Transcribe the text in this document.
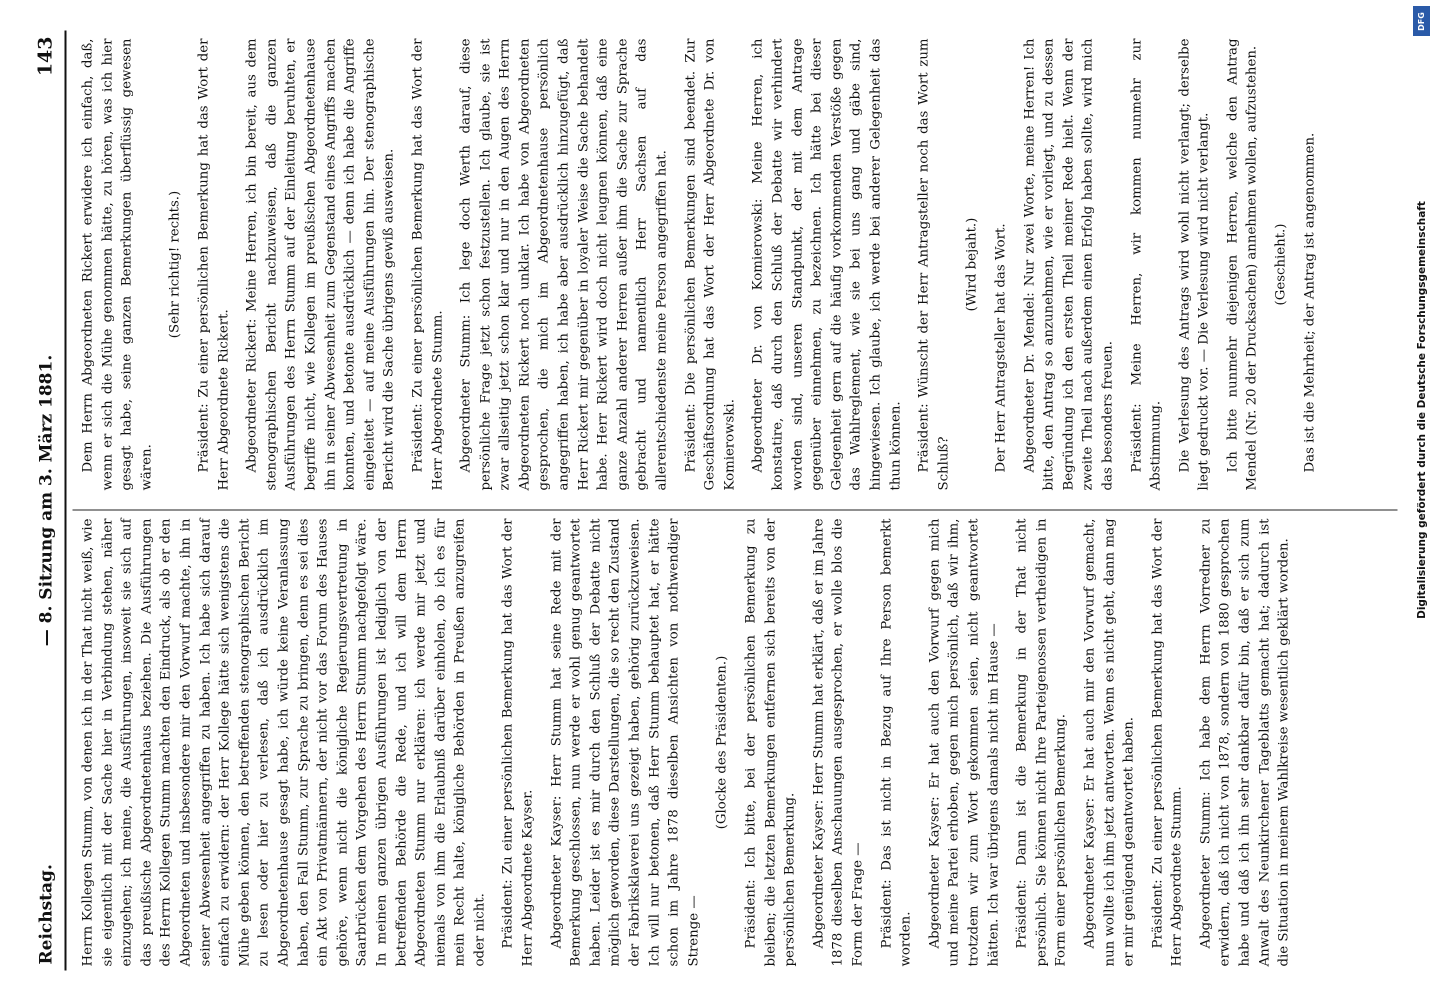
Reichstag.
— 8. Sitzung am 3. März 1881.
143

Herrn Kollegen Stumm, von denen ich in der That nicht weiß, wie sie eigentlich mit der Sache hier in Verbindung stehen, näher einzugehen; ich meine, die Ausführungen, insoweit sie sich auf das preußische Abgeordnetenhaus beziehen. Die Ausführungen des Herrn Kollegen Stumm machten den Eindruck, als ob er den Abgeordneten und insbesondere mir den Vorwurf machte, ihn in seiner Abwesenheit angegriffen zu haben. Ich habe sich darauf einfach zu erwidern: der Herr Kollege hätte sich wenigstens die Mühe geben können, den betreffenden stenographischen Bericht zu lesen oder hier zu verlesen, daß ich ausdrücklich im Abgeordnetenhause gesagt habe, ich würde keine Veranlassung haben, den Fall Stumm, zur Sprache zu bringen, denn es sei dies ein Akt von Privatmännern, der nicht vor das Forum des Hauses gehöre, wenn nicht die königliche Regierungsvertretung in Saarbrücken dem Vorgehen des Herrn Stumm nachgefolgt wäre. In meinen ganzen übrigen Ausführungen ist lediglich von der betreffenden Behörde die Rede, und ich will dem Herrn Abgeordneten Stumm nur erklären: ich werde mir jetzt und niemals von ihm die Erlaubniß darüber einholen, ob ich es für mein Recht halte, königliche Behörden in Preußen anzugreifen oder nicht. Präsident: Zu einer persönlichen Bemerkung hat das Wort der Herr Abgeordnete Kayser. Abgeordneter Kayser: Herr Stumm hat seine Rede mit der Bemerkung geschlossen, nun werde er wohl genug geantwortet haben. Leider ist es mir durch den Schluß der Debatte nicht möglich geworden, diese Darstellungen, die so recht den Zustand der Fabriksklaverei uns gezeigt haben, gehörig zurückzuweisen. Ich will nur betonen, daß Herr Stumm behauptet hat, er hätte schon im Jahre 1878 dieselben Ansichten von nothwendiger Strenge —

(Glocke des Präsidenten.) Präsident: Ich bitte, bei der persönlichen Bemerkung zu bleiben; die letzten Bemerkungen entfernen sich bereits von der persönlichen Bemerkung. Abgeordneter Kayser: Herr Stumm hat erklärt, daß er im Jahre 1878 dieselben Anschauungen ausgesprochen, er wolle blos die Form der Frage — Präsident: Das ist nicht in Bezug auf Ihre Person bemerkt worden. Abgeordneter Kayser: Er hat auch den Vorwurf gegen mich und meine Partei erhoben, gegen mich persönlich, daß wir ihm, trotzdem wir zum Wort gekommen seien, nicht geantwortet hätten. Ich war übrigens damals nicht im Hause — Präsident: Dann ist die Bemerkung in der That nicht persönlich. Sie können nicht Ihre Parteigenossen vertheidigen in Form einer persönlichen Bemerkung. Abgeordneter Kayser: Er hat auch mir den Vorwurf gemacht, nun wollte ich ihm jetzt antworten. Wenn es nicht geht, dann mag er mir genügend geantwortet haben. Präsident: Zu einer persönlichen Bemerkung hat das Wort der Herr Abgeordnete Stumm. Abgeordneter Stumm: Ich habe dem Herrn Vorredner zu erwidern, daß ich nicht von 1878, sondern von 1880 gesprochen habe und daß ich ihn sehr dankbar dafür bin, daß er sich zum Anwalt des Neunkirchener Tageblatts gemacht hat; dadurch ist die Situation in meinem Wahlkreise wesentlich geklärt worden.

Dem Herrn Abgeordneten Rickert erwidere ich einfach, daß, wenn er sich die Mühe genommen hätte, zu hören, was ich hier gesagt habe, seine ganzen Bemerkungen überflüssig gewesen wären.

(Sehr richtig! rechts.) Präsident: Zu einer persönlichen Bemerkung hat das Wort der Herr Abgeordnete Rickert. Abgeordneter Rickert: Meine Herren, ich bin bereit, aus dem stenographischen Bericht nachzuweisen, daß die ganzen Ausführungen des Herrn Stumm auf der Einleitung beruhten, er begriffe nicht, wie Kollegen im preußischen Abgeordnetenhause ihn in seiner Abwesenheit zum Gegenstand eines Angriffs machen konnten, und betonte ausdrücklich — denn ich habe die Angriffe eingeleitet — auf meine Ausführungen hin. Der stenographische Bericht wird die Sache übrigens gewiß ausweisen. Präsident: Zu einer persönlichen Bemerkung hat das Wort der Herr Abgeordnete Stumm. Abgeordneter Stumm: Ich lege doch Werth darauf, diese persönliche Frage jetzt schon festzustellen. Ich glaube, sie ist zwar allseitig jetzt schon klar und nur in den Augen des Herrn Abgeordneten Rickert noch unklar. Ich habe von Abgeordneten gesprochen, die mich im Abgeordnetenhause persönlich angegriffen haben, ich habe aber ausdrücklich hinzugefügt, daß Herr Rickert mir gegenüber in loyaler Weise die Sache behandelt habe. Herr Rickert wird doch nicht leugnen können, daß eine ganze Anzahl anderer Herren außer ihm die Sache zur Sprache gebracht und namentlich Herr Sachsen auf das allerentschiedenste meine Person angegriffen hat. Präsident: Die persönlichen Bemerkungen sind beendet. Zur Geschäftsordnung hat das Wort der Herr Abgeordnete Dr. von Komierowski. Abgeordneter Dr. von Komierowski: Meine Herren, ich konstatire, daß durch den Schluß der Debatte wir verhindert worden sind, unseren Standpunkt, der mit dem Antrage gegenüber einnehmen, zu bezeichnen. Ich hätte bei dieser Gelegenheit gern auf die häufig vorkommenden Verstöße gegen das Wahlreglement, wie sie bei uns gang und gäbe sind, hingewiesen. Ich glaube, ich werde bei anderer Gelegenheit das thun können. Präsident: Wünscht der Herr Antragsteller noch das Wort zum Schluß?

(Wird bejaht.) Der Herr Antragsteller hat das Wort. Abgeordneter Dr. Mendel: Nur zwei Worte, meine Herren! Ich bitte, den Antrag so anzunehmen, wie er vorliegt, und zu dessen Begründung ich den ersten Theil meiner Rede hielt. Wenn der zweite Theil nach außerdem einen Erfolg haben sollte, wird mich das besonders freuen. Präsident: Meine Herren, wir kommen nunmehr zur Abstimmung. Die Verlesung des Antrags wird wohl nicht verlangt; derselbe liegt gedruckt vor. — Die Verlesung wird nicht verlangt. Ich bitte nunmehr diejenigen Herren, welche den Antrag Mendel (Nr. 20 der Drucksachen) annehmen wollen, aufzustehen. (Geschieht.) Das ist die Mehrheit; der Antrag ist angenommen.	Digitalisierung gefördert durch die Deutsche Forschungsgemeinschaft
DFG
